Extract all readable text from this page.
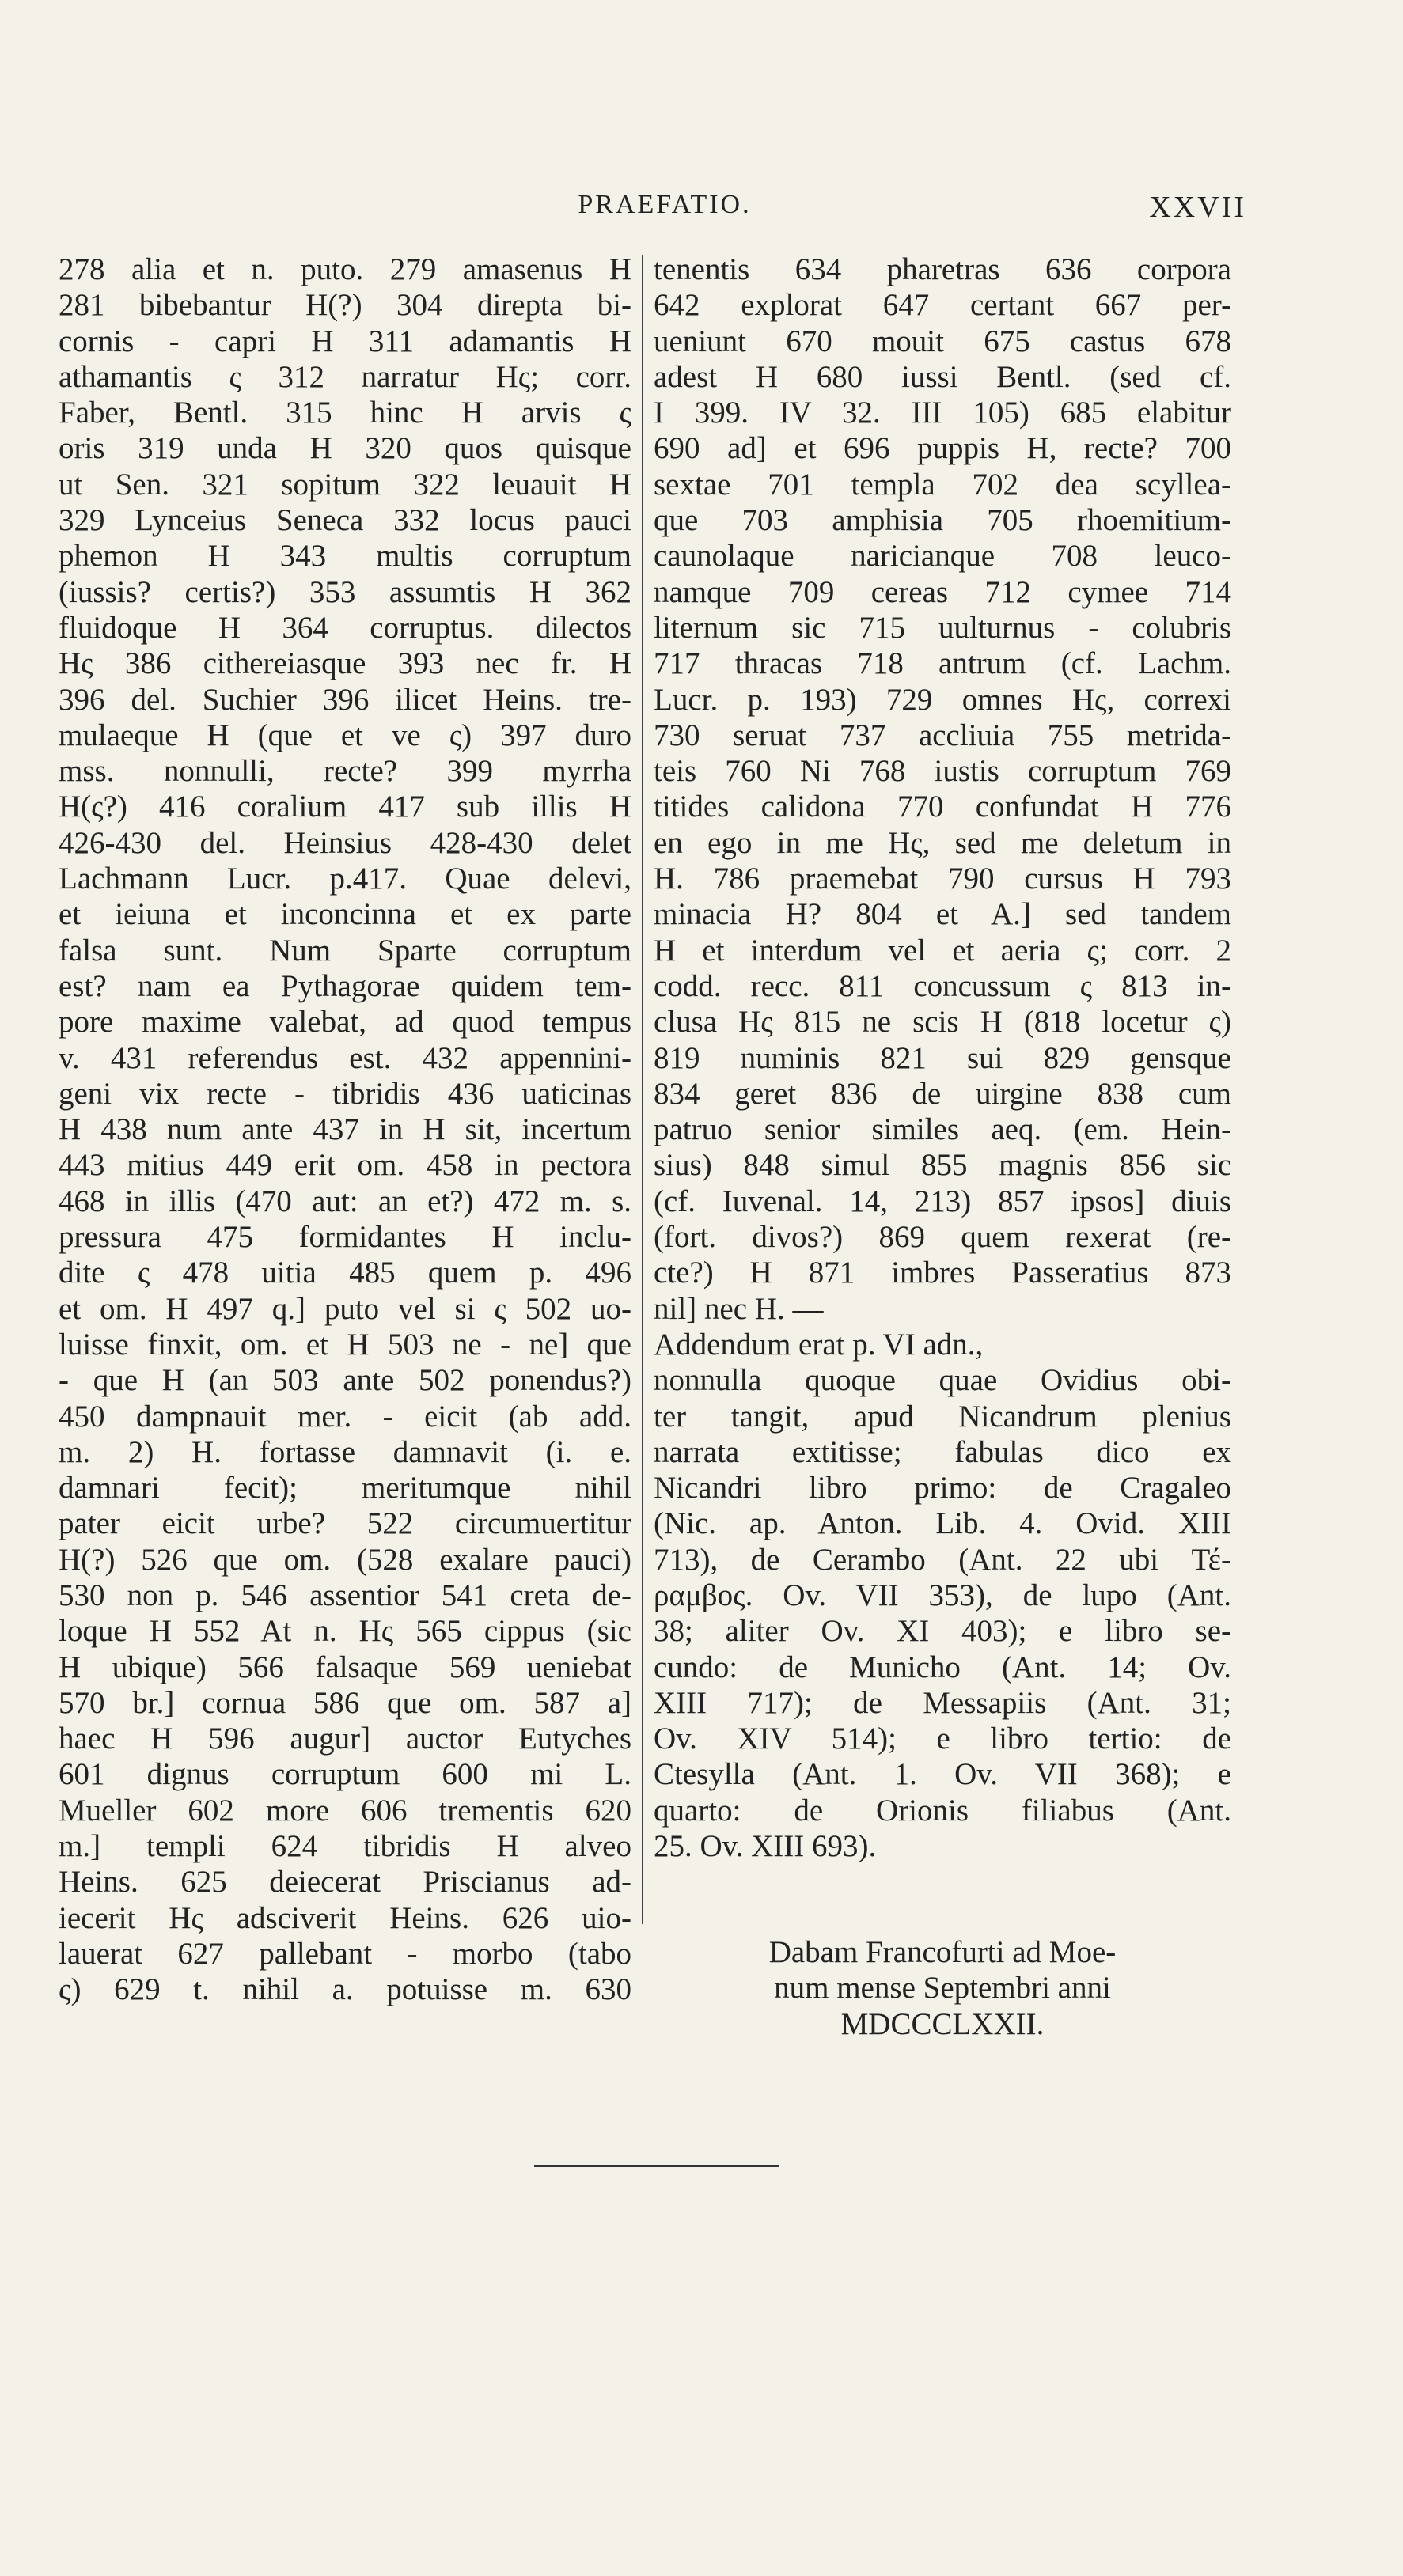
PRAEFATIO.	XXVII
278 alia et n. puto. 279 amasenus H
281 bibebantur H(?) 304 direpta bi-
cornis - capri H 311 adamantis H
athamantis ς 312 narratur Hς; corr.
Faber, Bentl. 315 hinc H arvis ς
oris 319 unda H 320 quos quisque
ut Sen. 321 sopitum 322 leuauit H
329 Lynceius Seneca 332 locus pauci
phemon H 343 multis corruptum
(iussis? certis?) 353 assumtis H 362
fluidoque H 364 corruptus. dilectos
Hς 386 cithereiasque 393 nec fr. H
396 del. Suchier 396 ilicet Heins. tre-
mulaeque H (que et ve ς) 397 duro
mss. nonnulli, recte? 399 myrrha
H(ς?) 416 coralium 417 sub illis H
426-430 del. Heinsius 428-430 delet
Lachmann Lucr. p.417. Quae delevi,
et ieiuna et inconcinna et ex parte
falsa sunt. Num Sparte corruptum
est? nam ea Pythagorae quidem tem-
pore maxime valebat, ad quod tempus
v. 431 referendus est. 432 appennini-
geni vix recte - tibridis 436 uaticinas
H 438 num ante 437 in H sit, incertum
443 mitius 449 erit om. 458 in pectora
468 in illis (470 aut: an et?) 472 m. s.
pressura 475 formidantes H inclu-
dite ς 478 uitia 485 quem p. 496
et om. H 497 q.] puto vel si ς 502 uo-
luisse finxit, om. et H 503 ne - ne] que
- que H (an 503 ante 502 ponendus?)
450 dampnauit mer. - eicit (ab add.
m. 2) H. fortasse damnavit (i. e.
damnari fecit); meritumque nihil
pater eicit urbe? 522 circumuertitur
H(?) 526 que om. (528 exalare pauci)
530 non p. 546 assentior 541 creta de-
loque H 552 At n. Hς 565 cippus (sic
H ubique) 566 falsaque 569 ueniebat
570 br.] cornua 586 que om. 587 a]
haec H 596 augur] auctor Eutyches
601 dignus corruptum 600 mi L.
Mueller 602 more 606 trementis 620
m.] templi 624 tibridis H alveo
Heins. 625 deiecerat Priscianus ad-
iecerit Hς adsciverit Heins. 626 uio-
lauerat 627 pallebant - morbo (tabo
ς) 629 t. nihil a. potuisse m. 630
tenentis 634 pharetras 636 corpora
642 explorat 647 certant 667 per-
ueniunt 670 mouit 675 castus 678
adest H 680 iussi Bentl. (sed cf.
I 399. IV 32. III 105) 685 elabitur
690 ad] et 696 puppis H, recte? 700
sextae 701 templa 702 dea scyllea-
que 703 amphisia 705 rhoemitium-
caunolaque naricianque 708 leuco-
namque 709 cereas 712 cymee 714
liternum sic 715 uulturnus - colubris
717 thracas 718 antrum (cf. Lachm.
Lucr. p. 193) 729 omnes Hς, correxi
730 seruat 737 accliuia 755 metrida-
teis 760 Ni 768 iustis corruptum 769
titides calidona 770 confundat H 776
en ego in me Hς, sed me deletum in
H. 786 praemebat 790 cursus H 793
minacia H? 804 et A.] sed tandem
H et interdum vel et aeria ς; corr. 2
codd. recc. 811 concussum ς 813 in-
clusa Hς 815 ne scis H (818 locetur ς)
819 numinis 821 sui 829 gensque
834 geret 836 de uirgine 838 cum
patruo senior similes aeq. (em. Hein-
sius) 848 simul 855 magnis 856 sic
(cf. Iuvenal. 14, 213) 857 ipsos] diuis
(fort. divos?) 869 quem rexerat (re-
cte?) H 871 imbres Passeratius 873
nil] nec H. —
Addendum erat p. VI adn.,
nonnulla quoque quae Ovidius obi-
ter tangit, apud Nicandrum plenius
narrata extitisse; fabulas dico ex
Nicandri libro primo: de Cragaleo
(Nic. ap. Anton. Lib. 4. Ovid. XIII
713), de Cerambo (Ant. 22 ubi Τέ-
ραμβος. Ov. VII 353), de lupo (Ant.
38; aliter Ov. XI 403); e libro se-
cundo: de Municho (Ant. 14; Ov.
XIII 717); de Messapiis (Ant. 31;
Ov. XIV 514); e libro tertio: de
Ctesylla (Ant. 1. Ov. VII 368); e
quarto: de Orionis filiabus (Ant.
25. Ov. XIII 693).
Dabam Francofurti ad Moe-
num mense Septembri anni
MDCCCLXXII.
